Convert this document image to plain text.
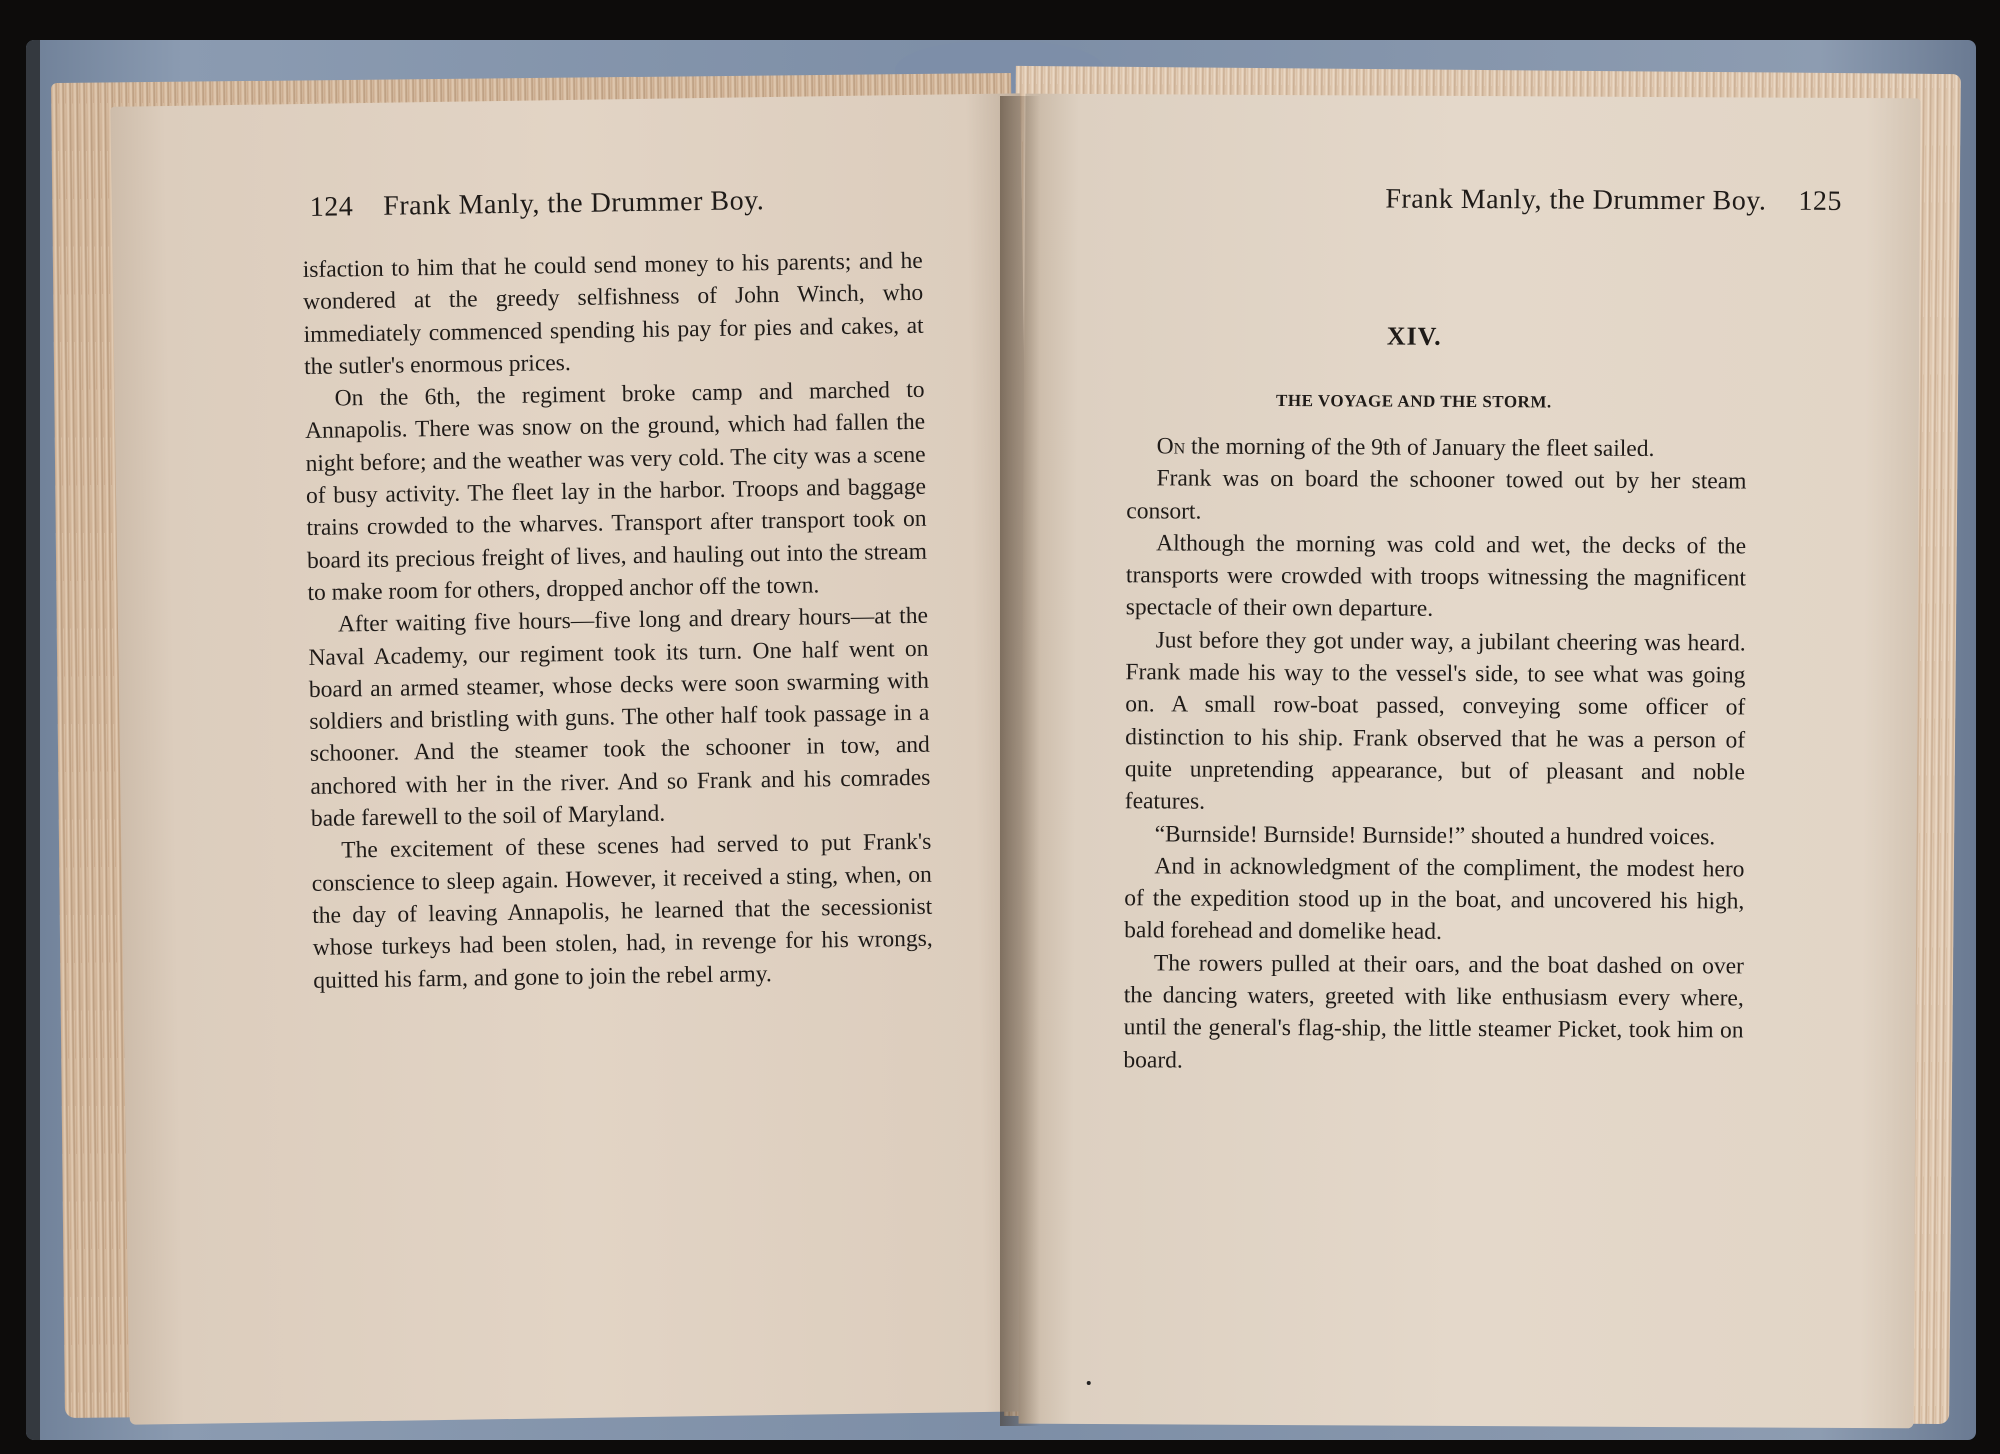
124 Frank Manly, the Drummer Boy.

isfaction to him that he could send money to his parents; and he wondered at the greedy selfishness of John Winch, who immediately commenced spending his pay for pies and cakes, at the sutler's enormous prices.

On the 6th, the regiment broke camp and marched to Annapolis. There was snow on the ground, which had fallen the night before; and the weather was very cold. The city was a scene of busy activity. The fleet lay in the harbor. Troops and baggage trains crowded to the wharves. Transport after transport took on board its precious freight of lives, and hauling out into the stream to make room for others, dropped anchor off the town.

After waiting five hours—five long and dreary hours—at the Naval Academy, our regiment took its turn. One half went on board an armed steamer, whose decks were soon swarming with soldiers and bristling with guns. The other half took passage in a schooner. And the steamer took the schooner in tow, and anchored with her in the river. And so Frank and his comrades bade farewell to the soil of Maryland.

The excitement of these scenes had served to put Frank's conscience to sleep again. However, it received a sting, when, on the day of leaving Annapolis, he learned that the secessionist whose turkeys had been stolen, had, in revenge for his wrongs, quitted his farm, and gone to join the rebel army.

Frank Manly, the Drummer Boy. 125
XIV.
THE VOYAGE AND THE STORM.

On the morning of the 9th of January the fleet sailed.

Frank was on board the schooner towed out by her steam consort.

Although the morning was cold and wet, the decks of the transports were crowded with troops witnessing the magnificent spectacle of their own departure.

Just before they got under way, a jubilant cheering was heard. Frank made his way to the vessel's side, to see what was going on. A small row-boat passed, conveying some officer of distinction to his ship. Frank observed that he was a person of quite unpretending appearance, but of pleasant and noble features.

“Burnside! Burnside! Burnside!” shouted a hundred voices.

And in acknowledgment of the compliment, the modest hero of the expedition stood up in the boat, and uncovered his high, bald forehead and domelike head.

The rowers pulled at their oars, and the boat dashed on over the dancing waters, greeted with like enthusiasm every where, until the general's flag-ship, the little steamer Picket, took him on board.
